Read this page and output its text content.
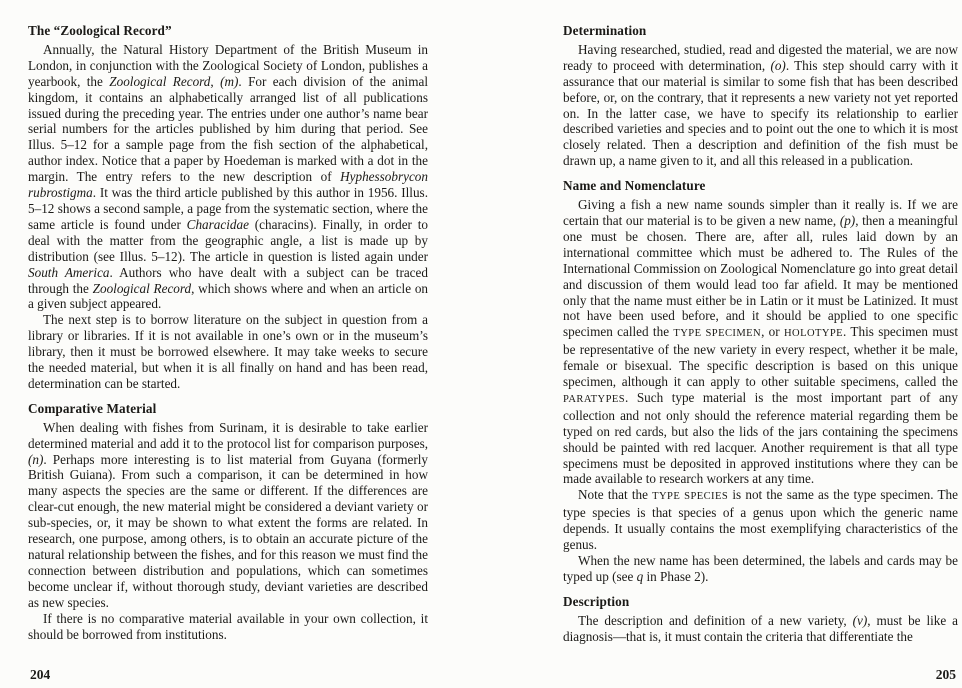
The “Zoological Record”

Annually, the Natural History Department of the British Museum in London, in conjunction with the Zoological Society of London, publishes a yearbook, the Zoological Record, (m). For each division of the animal kingdom, it contains an alphabetically arranged list of all publications issued during the preceding year. The entries under one author’s name bear serial numbers for the articles published by him during that period. See Illus. 5–12 for a sample page from the fish section of the alphabetical, author index. Notice that a paper by Hoedeman is marked with a dot in the margin. The entry refers to the new description of Hyphessobrycon rubrostigma. It was the third article published by this author in 1956. Illus. 5–12 shows a second sample, a page from the systematic section, where the same article is found under Characidae (characins). Finally, in order to deal with the matter from the geographic angle, a list is made up by distribution (see Illus. 5–12). The article in question is listed again under South America. Authors who have dealt with a subject can be traced through the Zoological Record, which shows where and when an article on a given subject appeared.

The next step is to borrow literature on the subject in question from a library or libraries. If it is not available in one’s own or in the museum’s library, then it must be borrowed elsewhere. It may take weeks to secure the needed material, but when it is all finally on hand and has been read, determination can be started.

Comparative Material

When dealing with fishes from Surinam, it is desirable to take earlier determined material and add it to the protocol list for comparison purposes, (n). Perhaps more interesting is to list material from Guyana (formerly British Guiana). From such a comparison, it can be determined in how many aspects the species are the same or different. If the differences are clear-cut enough, the new material might be considered a deviant variety or sub-species, or, it may be shown to what extent the forms are related. In research, one purpose, among others, is to obtain an accurate picture of the natural relationship between the fishes, and for this reason we must find the connection between distribution and populations, which can sometimes become unclear if, without thorough study, deviant varieties are described as new species.

If there is no comparative material available in your own collection, it should be borrowed from institutions.

Determination

Having researched, studied, read and digested the material, we are now ready to proceed with determination, (o). This step should carry with it assurance that our material is similar to some fish that has been described before, or, on the contrary, that it represents a new variety not yet reported on. In the latter case, we have to specify its relationship to earlier described varieties and species and to point out the one to which it is most closely related. Then a description and definition of the fish must be drawn up, a name given to it, and all this released in a publication.

Name and Nomenclature

Giving a fish a new name sounds simpler than it really is. If we are certain that our material is to be given a new name, (p), then a meaningful one must be chosen. There are, after all, rules laid down by an international committee which must be adhered to. The Rules of the International Commission on Zoological Nomenclature go into great detail and discussion of them would lead too far afield. It may be mentioned only that the name must either be in Latin or it must be Latinized. It must not have been used before, and it should be applied to one specific specimen called the TYPE SPECIMEN, or HOLOTYPE. This specimen must be representative of the new variety in every respect, whether it be male, female or bisexual. The specific description is based on this unique specimen, although it can apply to other suitable specimens, called the PARATYPES. Such type material is the most important part of any collection and not only should the reference material regarding them be typed on red cards, but also the lids of the jars containing the specimens should be painted with red lacquer. Another requirement is that all type specimens must be deposited in approved institutions where they can be made available to research workers at any time.

Note that the TYPE SPECIES is not the same as the type specimen. The type species is that species of a genus upon which the generic name depends. It usually contains the most exemplifying characteristics of the genus.

When the new name has been determined, the labels and cards may be typed up (see q in Phase 2).

Description

The description and definition of a new variety, (v), must be like a diagnosis—that is, it must contain the criteria that differentiate the

204	205
